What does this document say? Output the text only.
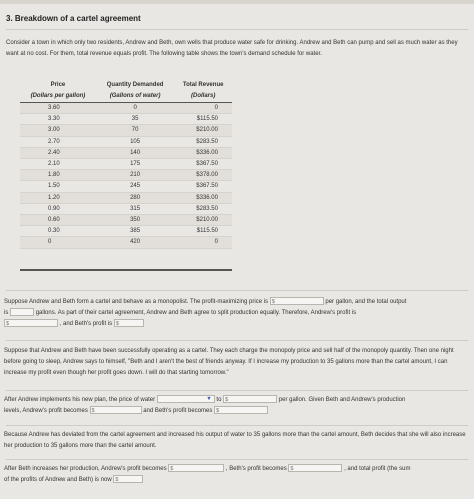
3. Breakdown of a cartel agreement
Consider a town in which only two residents, Andrew and Beth, own wells that produce water safe for drinking. Andrew and Beth can pump and sell as much water as they want at no cost. For them, total revenue equals profit. The following table shows the town's demand schedule for water.
Price	Quantity Demanded	Total Revenue
(Dollars per gallon)	(Gallons of water)	(Dollars)
3.60	0	0
3.30	35	$115.50
3.00	70	$210.00
2.70	105	$283.50
2.40	140	$336.00
2.10	175	$367.50
1.80	210	$378.00
1.50	245	$367.50
1.20	280	$336.00
0.90	315	$283.50
0.60	350	$210.00
0.30	385	$115.50
0	420	0
Suppose Andrew and Beth form a cartel and behave as a monopolist. The profit-maximizing price is $	per gallon, and the total output
is	gallons. As part of their cartel agreement, Andrew and Beth agree to split production equally. Therefore, Andrew's profit is
$	, and Beth's profit is $
Suppose that Andrew and Beth have been successfully operating as a cartel. They each charge the monopoly price and sell half of the monopoly quantity. Then one night before going to sleep, Andrew says to himself, "Beth and I aren't the best of friends anyway. If I increase my production to 35 gallons more than the cartel amount, I can increase my profit even though her profit goes down. I will do that starting tomorrow."
After Andrew implements his new plan, the price of water	▼ to $	per gallon. Given Beth and Andrew's production
levels, Andrew's profit becomes $	and Beth's profit becomes $
Because Andrew has deviated from the cartel agreement and increased his output of water to 35 gallons more than the cartel amount, Beth decides that she will also increase her production to 35 gallons more than the cartel amount.
After Beth increases her production, Andrew's profit becomes $	, Beth's profit becomes $	, and total profit (the sum
of the profits of Andrew and Beth) is now $
